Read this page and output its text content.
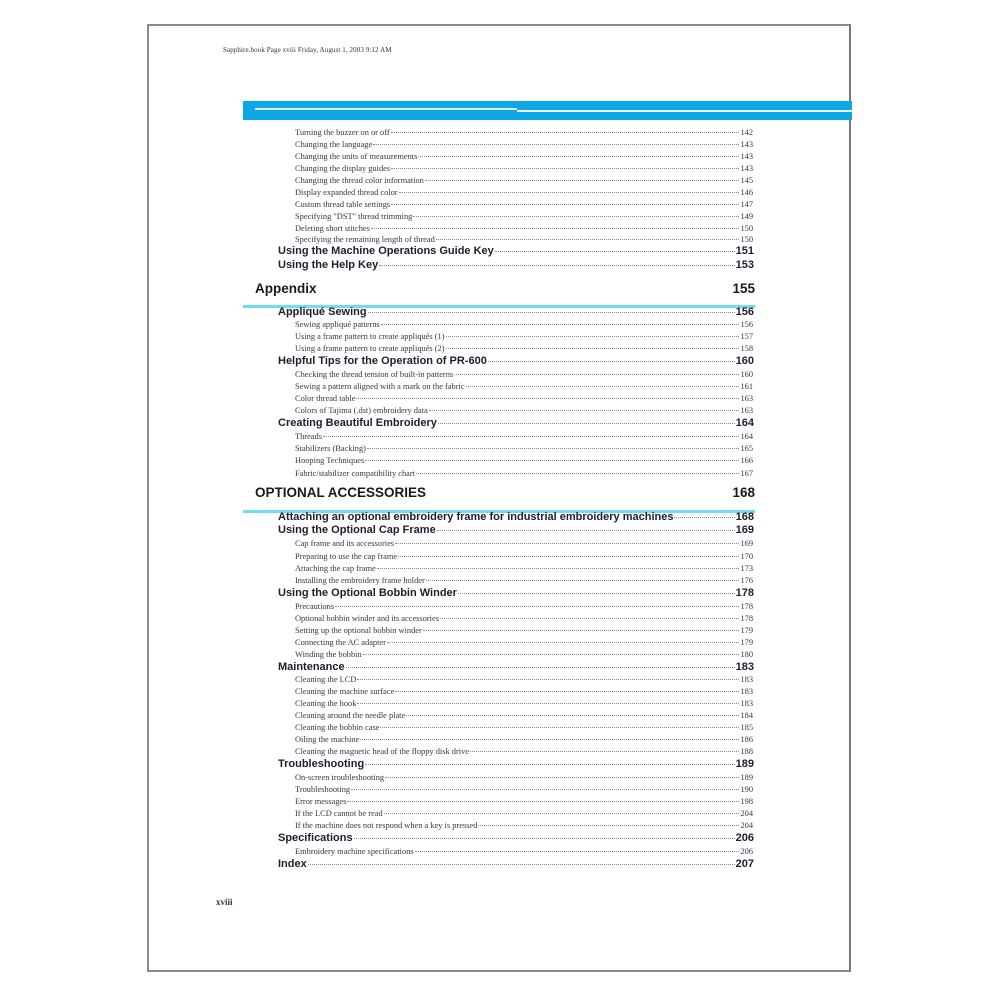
Sapphire.book Page xviii Friday, August 1, 2003 9:12 AM
Turning the buzzer on or off	142
Changing the language	143
Changing the units of measurements	143
Changing the display guides	143
Changing the thread color information	145
Display expanded thread color	146
Custom thread table settings	147
Specifying "DST" thread trimming	149
Deleting short stitches	150
Specifying the remaining length of thread	150
Using the Machine Operations Guide Key	151
Using the Help Key	153
Appendix	155
Appliqué Sewing	156
Sewing appliqué patterns	156
Using a frame pattern to create appliqués (1)	157
Using a frame pattern to create appliqués (2)	158
Helpful Tips for the Operation of PR-600	160
Checking the thread tension of built-in patterns	160
Sewing a pattern aligned with a mark on the fabric	161
Color thread table	163
Colors of Tajima (.dst) embroidery data	163
Creating Beautiful Embroidery	164
Threads	164
Stabilizers (Backing)	165
Hooping Techniques	166
Fabric/stabilizer compatibility chart	167
OPTIONAL ACCESSORIES	168
Attaching an optional embroidery frame for industrial embroidery machines	168
Using the Optional Cap Frame	169
Cap frame and its accessories	169
Preparing to use the cap frame	170
Attaching the cap frame	173
Installing the embroidery frame holder	176
Using the Optional Bobbin Winder	178
Precautions	178
Optional bobbin winder and its accessories	178
Setting up the optional bobbin winder	179
Connecting the AC adapter	179
Winding the bobbin	180
Maintenance	183
Cleaning the LCD	183
Cleaning the machine surface	183
Cleaning the hook	183
Cleaning around the needle plate	184
Cleaning the bobbin case	185
Oiling the machine	186
Cleaning the magnetic head of the floppy disk drive	188
Troubleshooting	189
On-screen troubleshooting	189
Troubleshooting	190
Error messages	198
If the LCD cannot be read	204
If the machine does not respond when a key is pressed	204
Specifications	206
Embroidery machine specifications	206
Index	207
xviii
